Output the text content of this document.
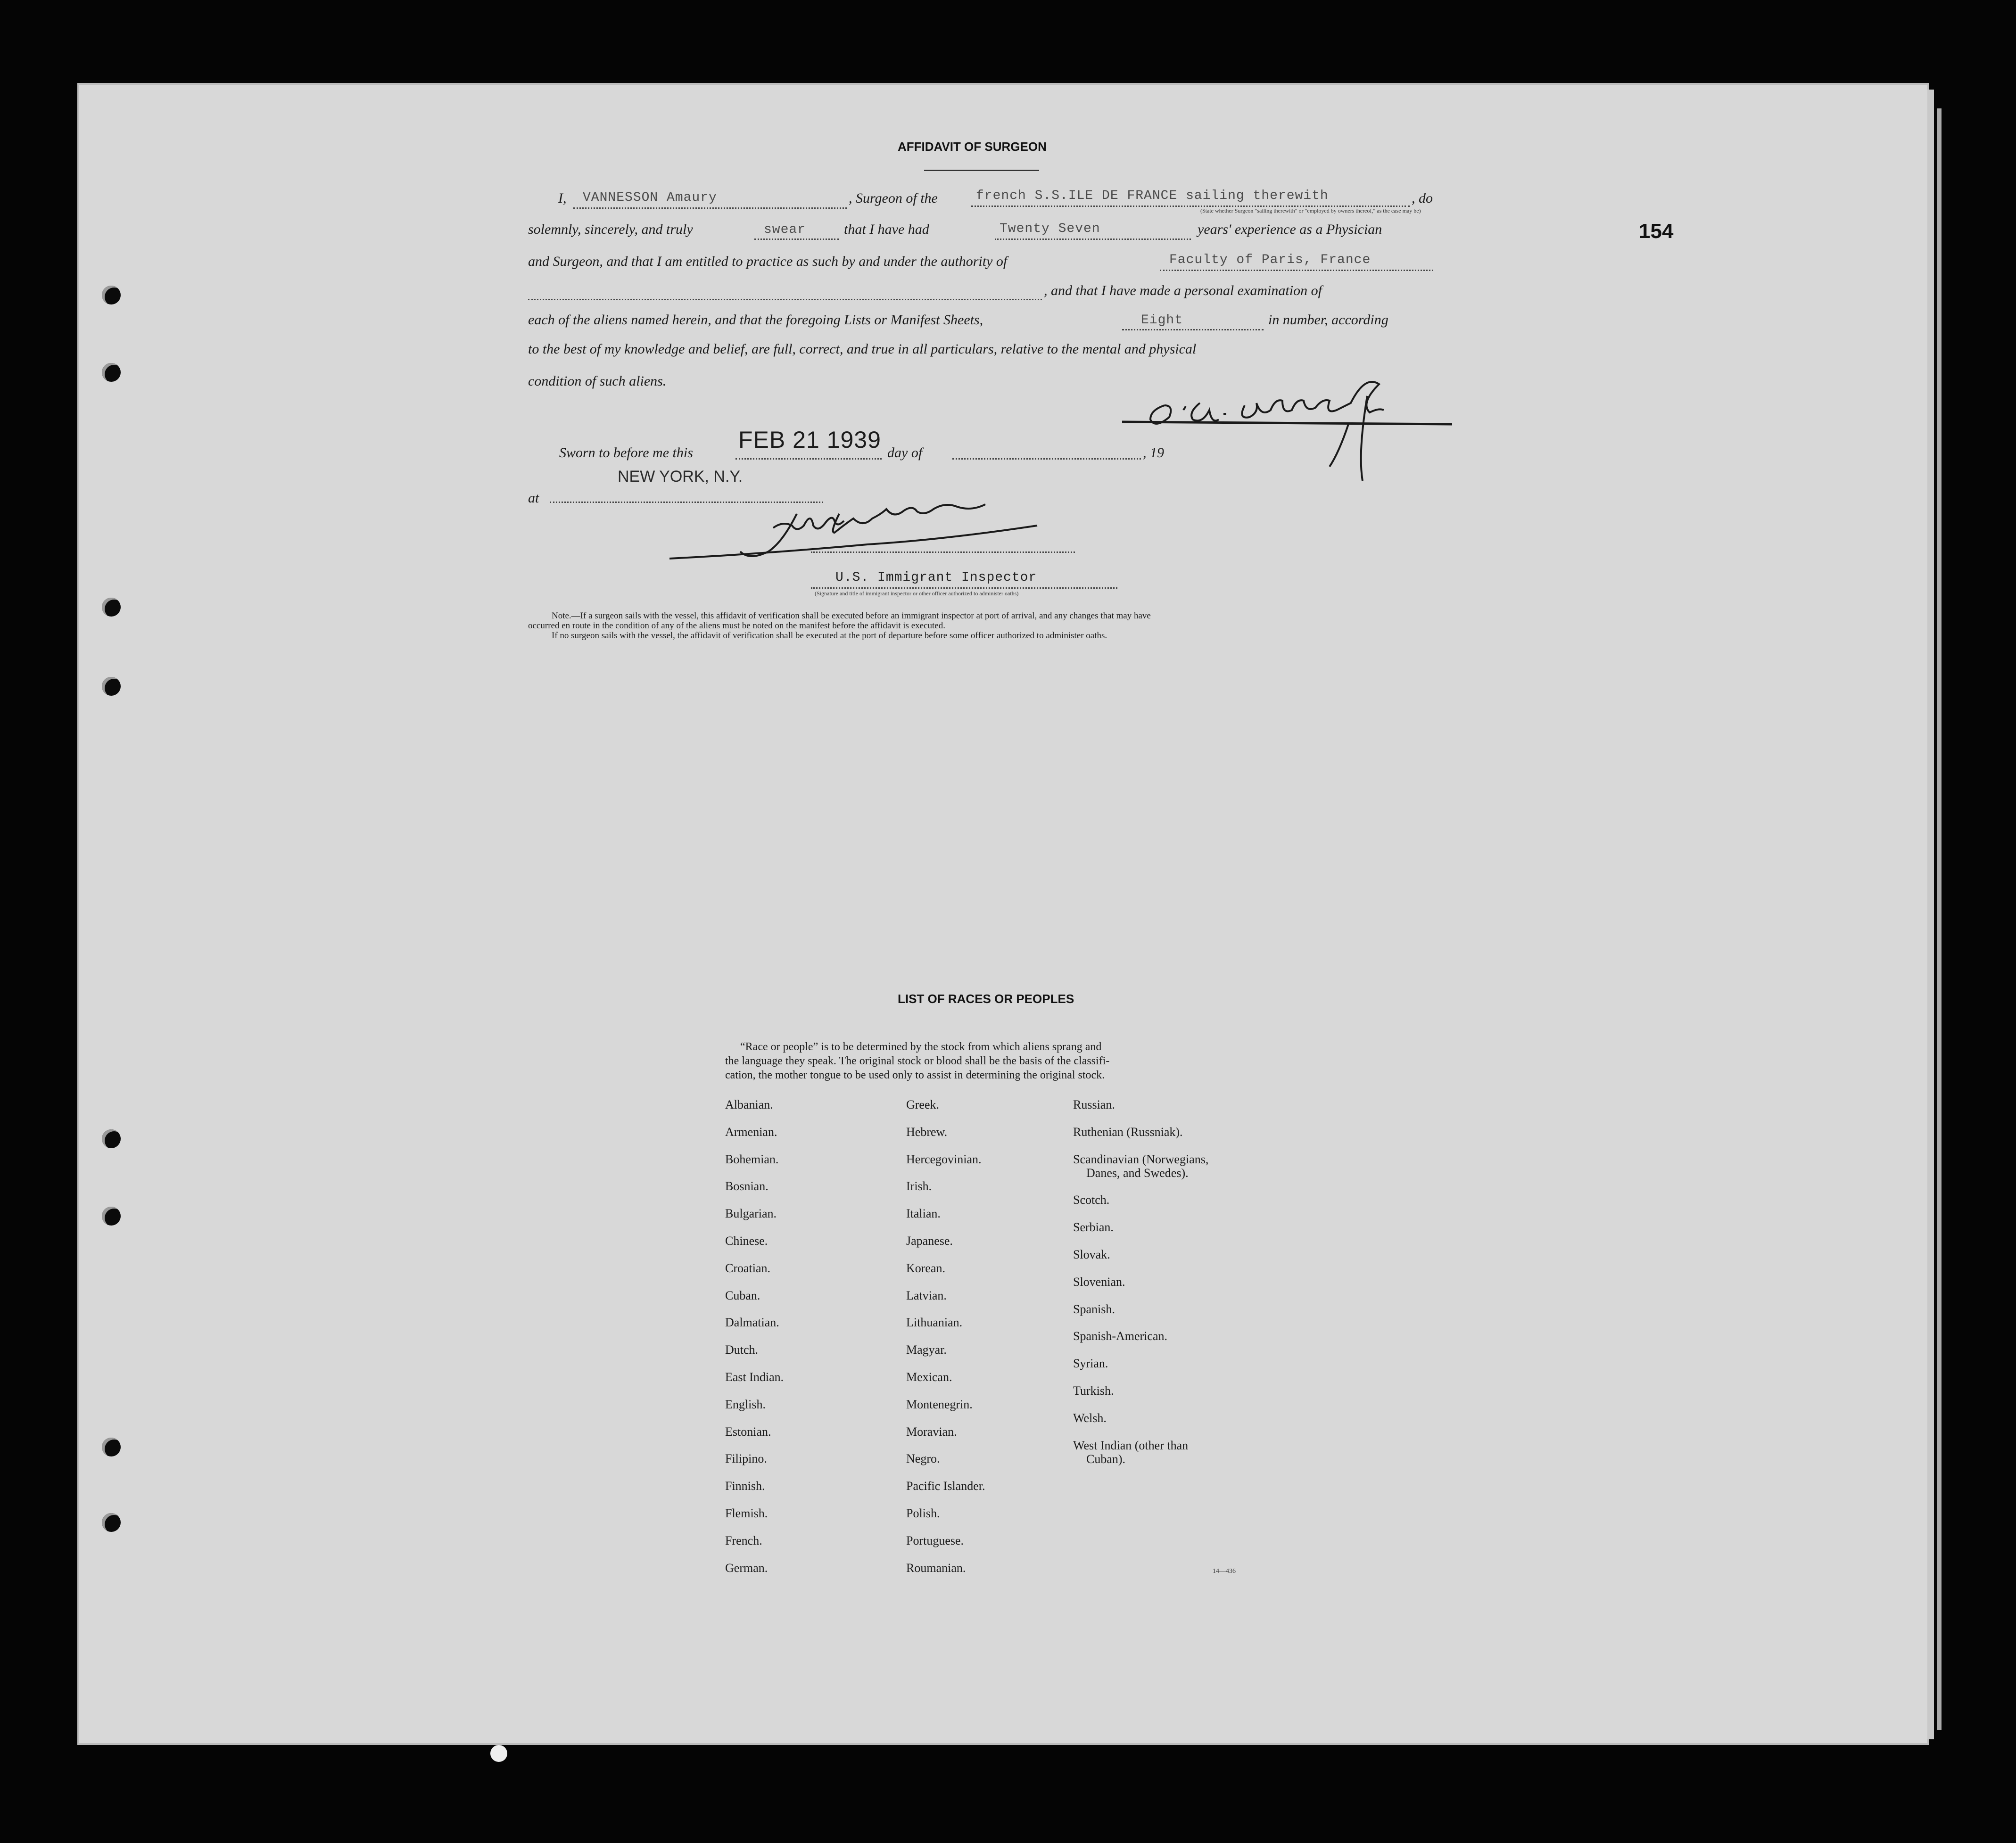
154
AFFIDAVIT OF SURGEON
I, VANNESSON Amaury	, Surgeon of the	french S.S.ILE DE FRANCE sailing therewith	, do
(State whether Surgeon "sailing therewith" or "employed by owners thereof," as the case may be)
solemnly, sincerely, and truly	swear	that I have had	Twenty Seven	years' experience as a Physician
and Surgeon, and that I am entitled to practice as such by and under the authority of	Faculty of Paris, France
, and that I have made a personal examination of
each of the aliens named herein, and that the foregoing Lists or Manifest Sheets,	Eight	in number, according
to the best of my knowledge and belief, are full, correct, and true in all particulars, relative to the mental and physical
condition of such aliens.
Sworn to before me this FEB 21 1939 day of	, 19
NEW YORK, N.Y.
at
U.S. Immigrant Inspector
(Signature and title of immigrant inspector or other officer authorized to administer oaths)
Note.—If a surgeon sails with the vessel, this affidavit of verification shall be executed before an immigrant inspector at port of arrival, and any changes that may have
occurred en route in the condition of any of the aliens must be noted on the manifest before the affidavit is executed.
If no surgeon sails with the vessel, the affidavit of verification shall be executed at the port of departure before some officer authorized to administer oaths.
LIST OF RACES OR PEOPLES
“Race or people” is to be determined by the stock from which aliens sprang and
the language they speak. The original stock or blood shall be the basis of the classifi-
cation, the mother tongue to be used only to assist in determining the original stock.
Albanian.
Armenian.
Bohemian.
Bosnian.
Bulgarian.
Chinese.
Croatian.
Cuban.
Dalmatian.
Dutch.
East Indian.
English.
Estonian.
Filipino.
Finnish.
Flemish.
French.
German.
Greek.
Hebrew.
Hercegovinian.
Irish.
Italian.
Japanese.
Korean.
Latvian.
Lithuanian.
Magyar.
Mexican.
Montenegrin.
Moravian.
Negro.
Pacific Islander.
Polish.
Portuguese.
Roumanian.
Russian.
Ruthenian (Russniak).
Scandinavian (Norwegians,
Danes, and Swedes).
Scotch.
Serbian.
Slovak.
Slovenian.
Spanish.
Spanish-American.
Syrian.
Turkish.
Welsh.
West Indian (other than
Cuban).
14—436
